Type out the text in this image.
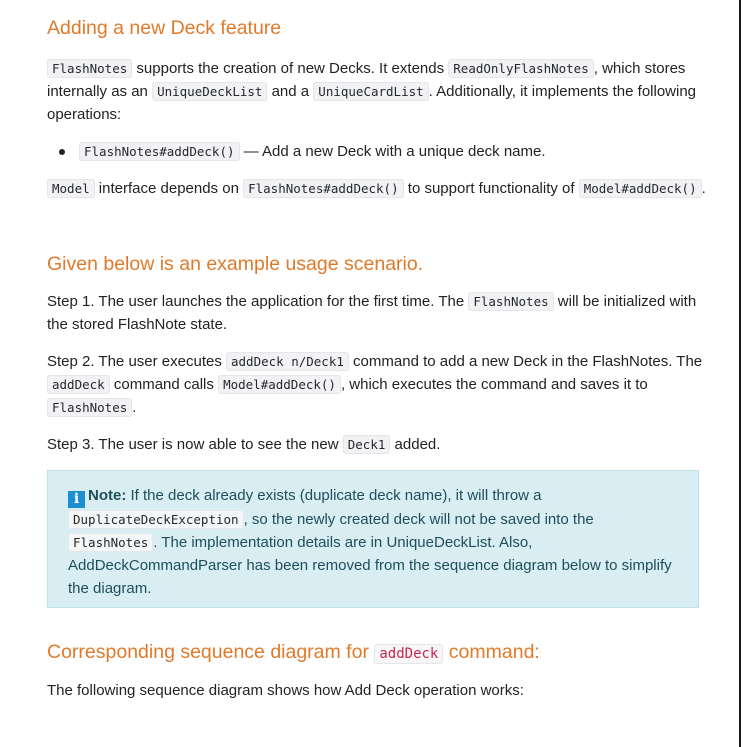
Adding a new Deck feature

FlashNotes supports the creation of new Decks. It extends ReadOnlyFlashNotes , which stores internally as an UniqueDeckList and a UniqueCardList . Additionally, it implements the following operations:

FlashNotes#addDeck() — Add a new Deck with a unique deck name.

Model interface depends on FlashNotes#addDeck() to support functionality of Model#addDeck() .

Given below is an example usage scenario.

Step 1. The user launches the application for the first time. The FlashNotes will be initialized with the stored FlashNote state.

Step 2. The user executes addDeck n/Deck1 command to add a new Deck in the FlashNotes. The addDeck command calls Model#addDeck() , which executes the command and saves it to FlashNotes .

Step 3. The user is now able to see the new Deck1 added.

i Note: If the deck already exists (duplicate deck name), it will throw a DuplicateDeckException , so the newly created deck will not be saved into the FlashNotes . The implementation details are in UniqueDeckList. Also, AddDeckCommandParser has been removed from the sequence diagram below to simplify the diagram.
Corresponding sequence diagram for addDeck command:

The following sequence diagram shows how Add Deck operation works:
